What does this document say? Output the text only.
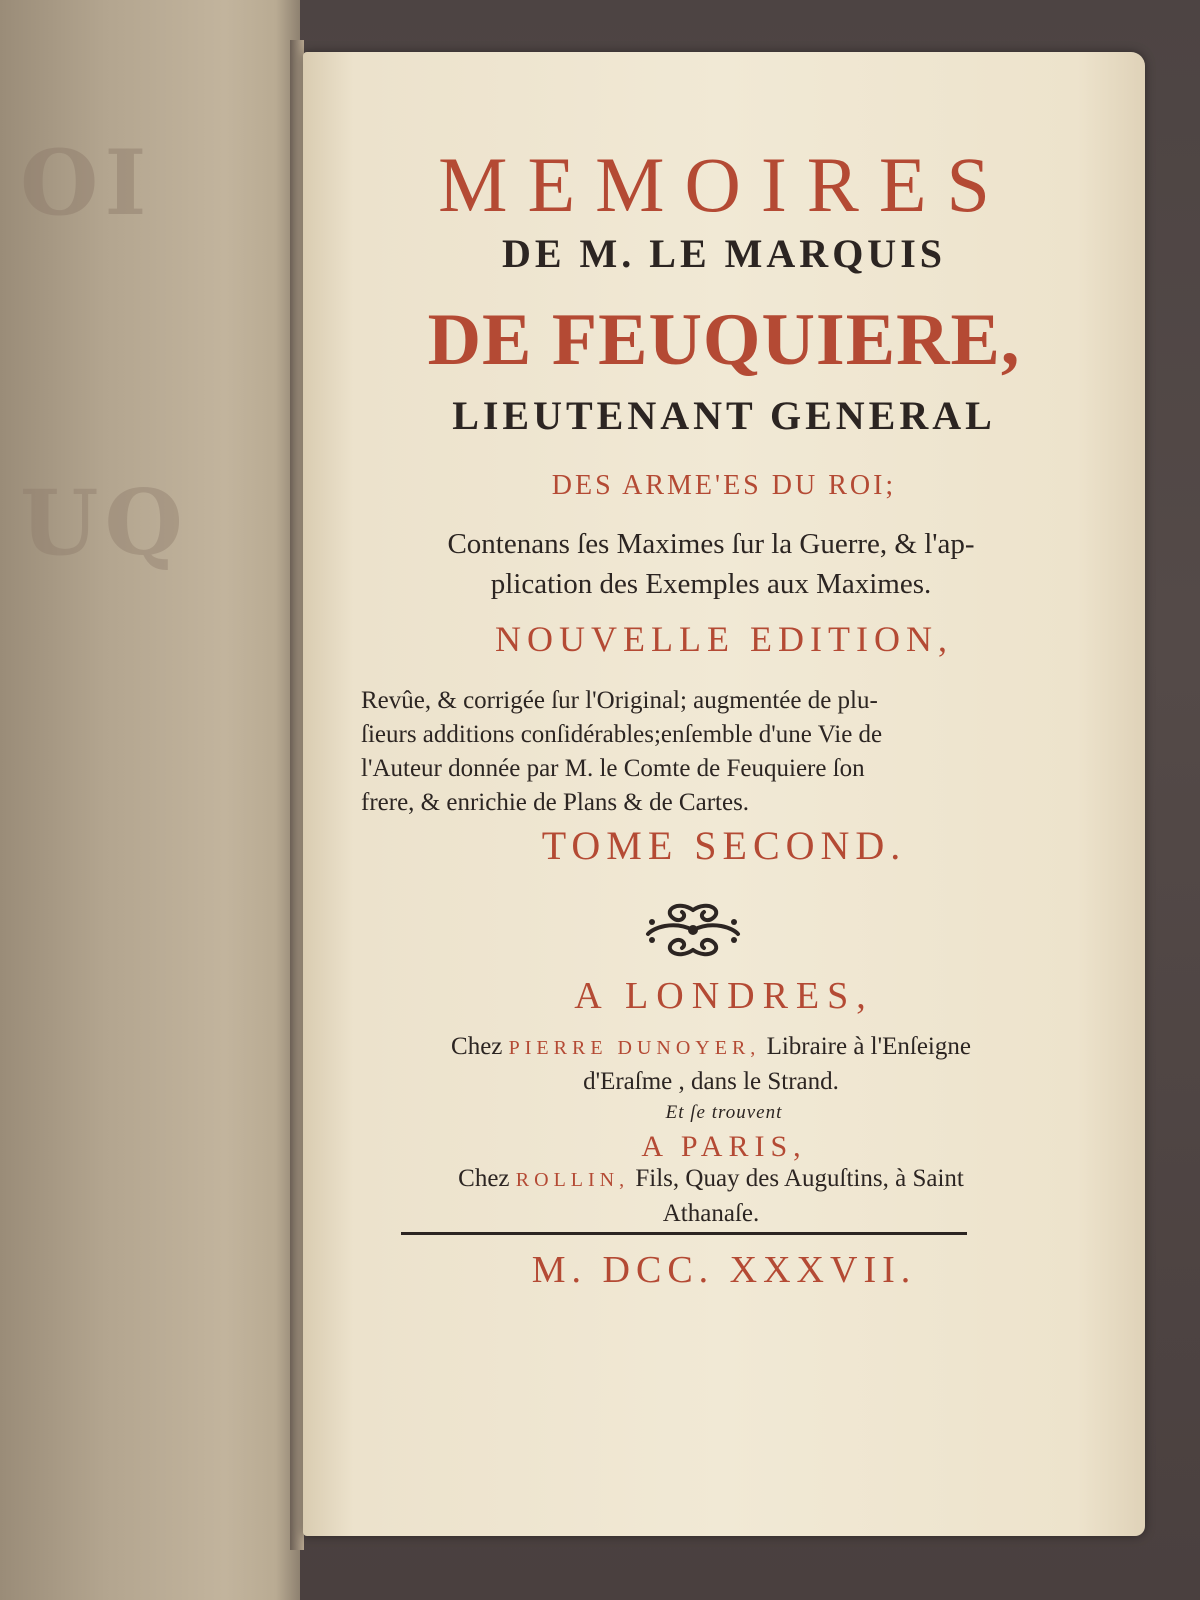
OI
UQ
MEMOIRES
DE M. LE MARQUIS
DE FEUQUIERE,
LIEUTENANT GENERAL
DES ARME'ES DU ROI;
Contenans ſes Maximes ſur la Guerre, & l'ap-
plication des Exemples aux Maximes.
NOUVELLE EDITION,
Revûe, & corrigée ſur l'Original; augmentée de plu-
ſieurs additions conſidérables;enſemble d'une Vie de
l'Auteur donnée par M. le Comte de Feuquiere ſon
frere, & enrichie de Plans & de Cartes.
TOME SECOND.
A LONDRES,
Chez PIERRE DUNOYER, Libraire à l'Enſeigne
d'Eraſme , dans le Strand.
Et ſe trouvent
A PARIS,
Chez ROLLIN, Fils, Quay des Auguſtins, à Saint
Athanaſe.
M. DCC. XXXVII.
